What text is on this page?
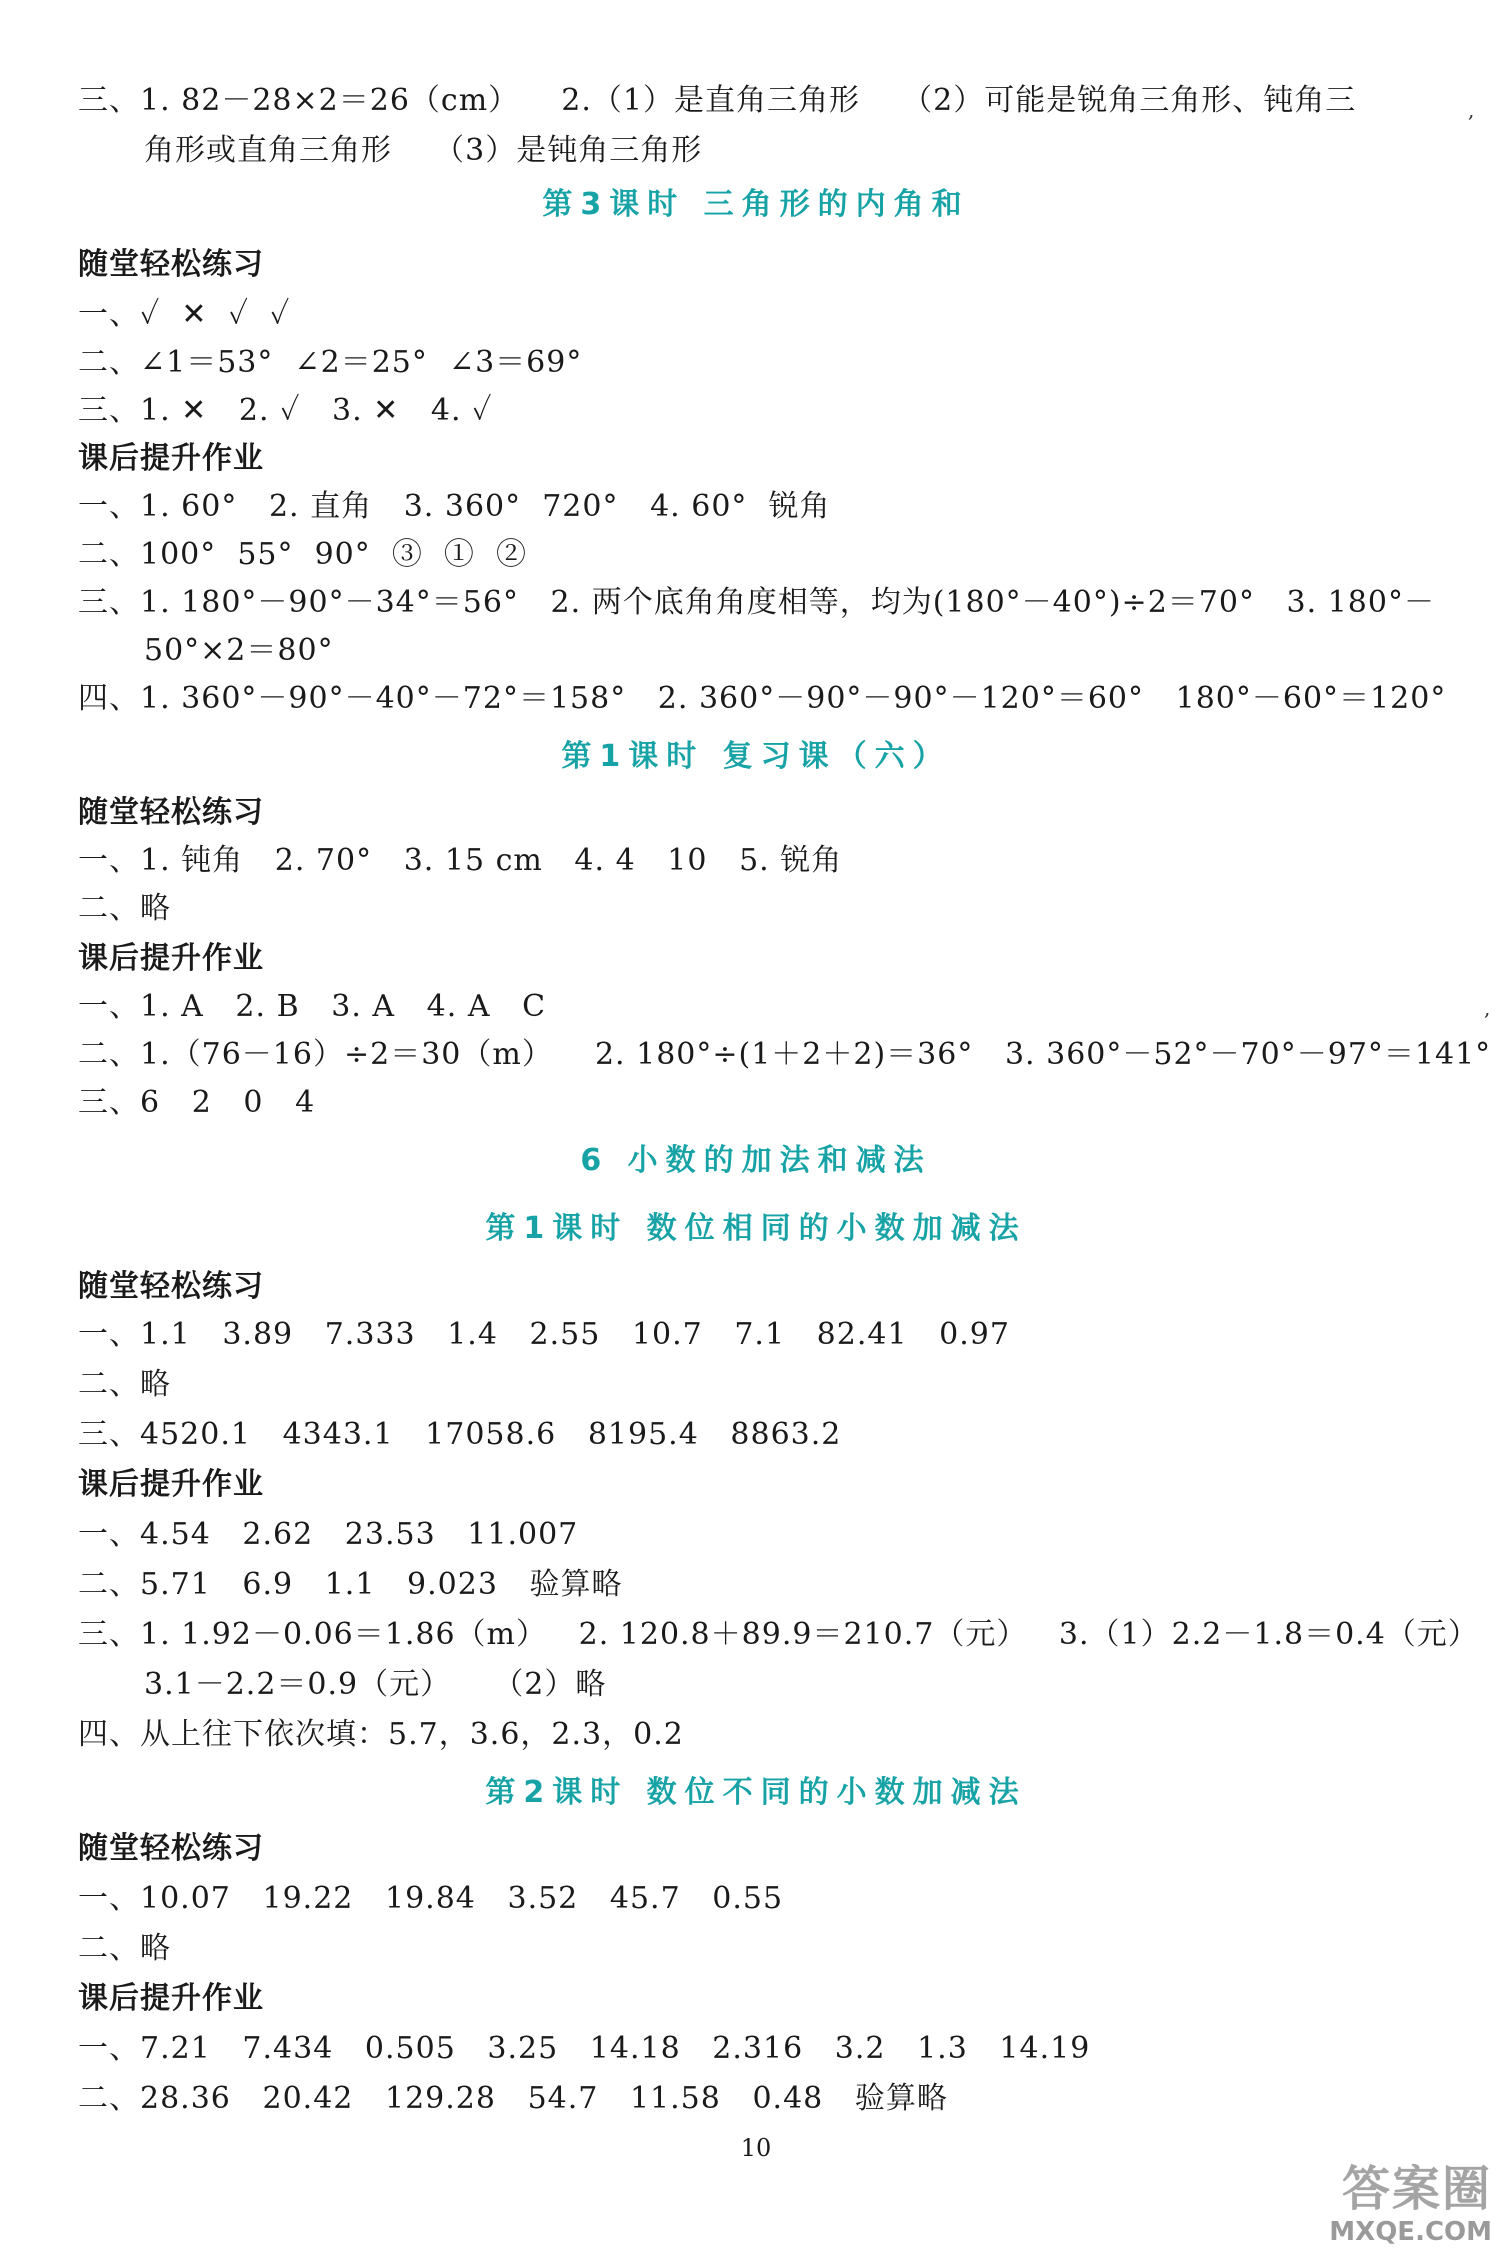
三、1. 82－28×2＝26（cm）    2.（1）是直角三角形    （2）可能是锐角三角形、钝角三
角形或直角三角形    （3）是钝角三角形
第3课时 三角形的内角和
随堂轻松练习
一、✓  ✕  ✓  ✓
二、∠1＝53°  ∠2＝25°  ∠3＝69°
三、1. ✕   2. ✓   3. ✕   4. ✓
课后提升作业
一、1. 60°   2. 直角   3. 360°  720°   4. 60°  锐角
二、100°  55°  90°  ③  ①  ②
三、1. 180°－90°－34°＝56°   2. 两个底角角度相等，均为(180°－40°)÷2＝70°   3. 180°－
50°×2＝80°
四、1. 360°－90°－40°－72°＝158°   2. 360°－90°－90°－120°＝60°   180°－60°＝120°
第1课时 复习课（六）
随堂轻松练习
一、1. 钝角   2. 70°   3. 15 cm   4. 4   10   5. 锐角
二、略
课后提升作业
一、1. A   2. B   3. A   4. A   C
二、1.（76－16）÷2＝30（m）    2. 180°÷(1＋2＋2)＝36°   3. 360°－52°－70°－97°＝141°
三、6   2   0   4
6 小数的加法和减法
第1课时 数位相同的小数加减法
随堂轻松练习
一、1.1   3.89   7.333   1.4   2.55   10.7   7.1   82.41   0.97
二、略
三、4520.1   4343.1   17058.6   8195.4   8863.2
课后提升作业
一、4.54   2.62   23.53   11.007
二、5.71   6.9   1.1   9.023   验算略
三、1. 1.92－0.06＝1.86（m）   2. 120.8＋89.9＝210.7（元）   3.（1）2.2－1.8＝0.4（元）
3.1－2.2＝0.9（元）    （2）略
四、从上往下依次填：5.7，3.6，2.3，0.2
第2课时 数位不同的小数加减法
随堂轻松练习
一、10.07   19.22   19.84   3.52   45.7   0.55
二、略
课后提升作业
一、7.21   7.434   0.505   3.25   14.18   2.316   3.2   1.3   14.19
二、28.36   20.42   129.28   54.7   11.58   0.48   验算略
10
答案圈
MXQE.COM
,
,
